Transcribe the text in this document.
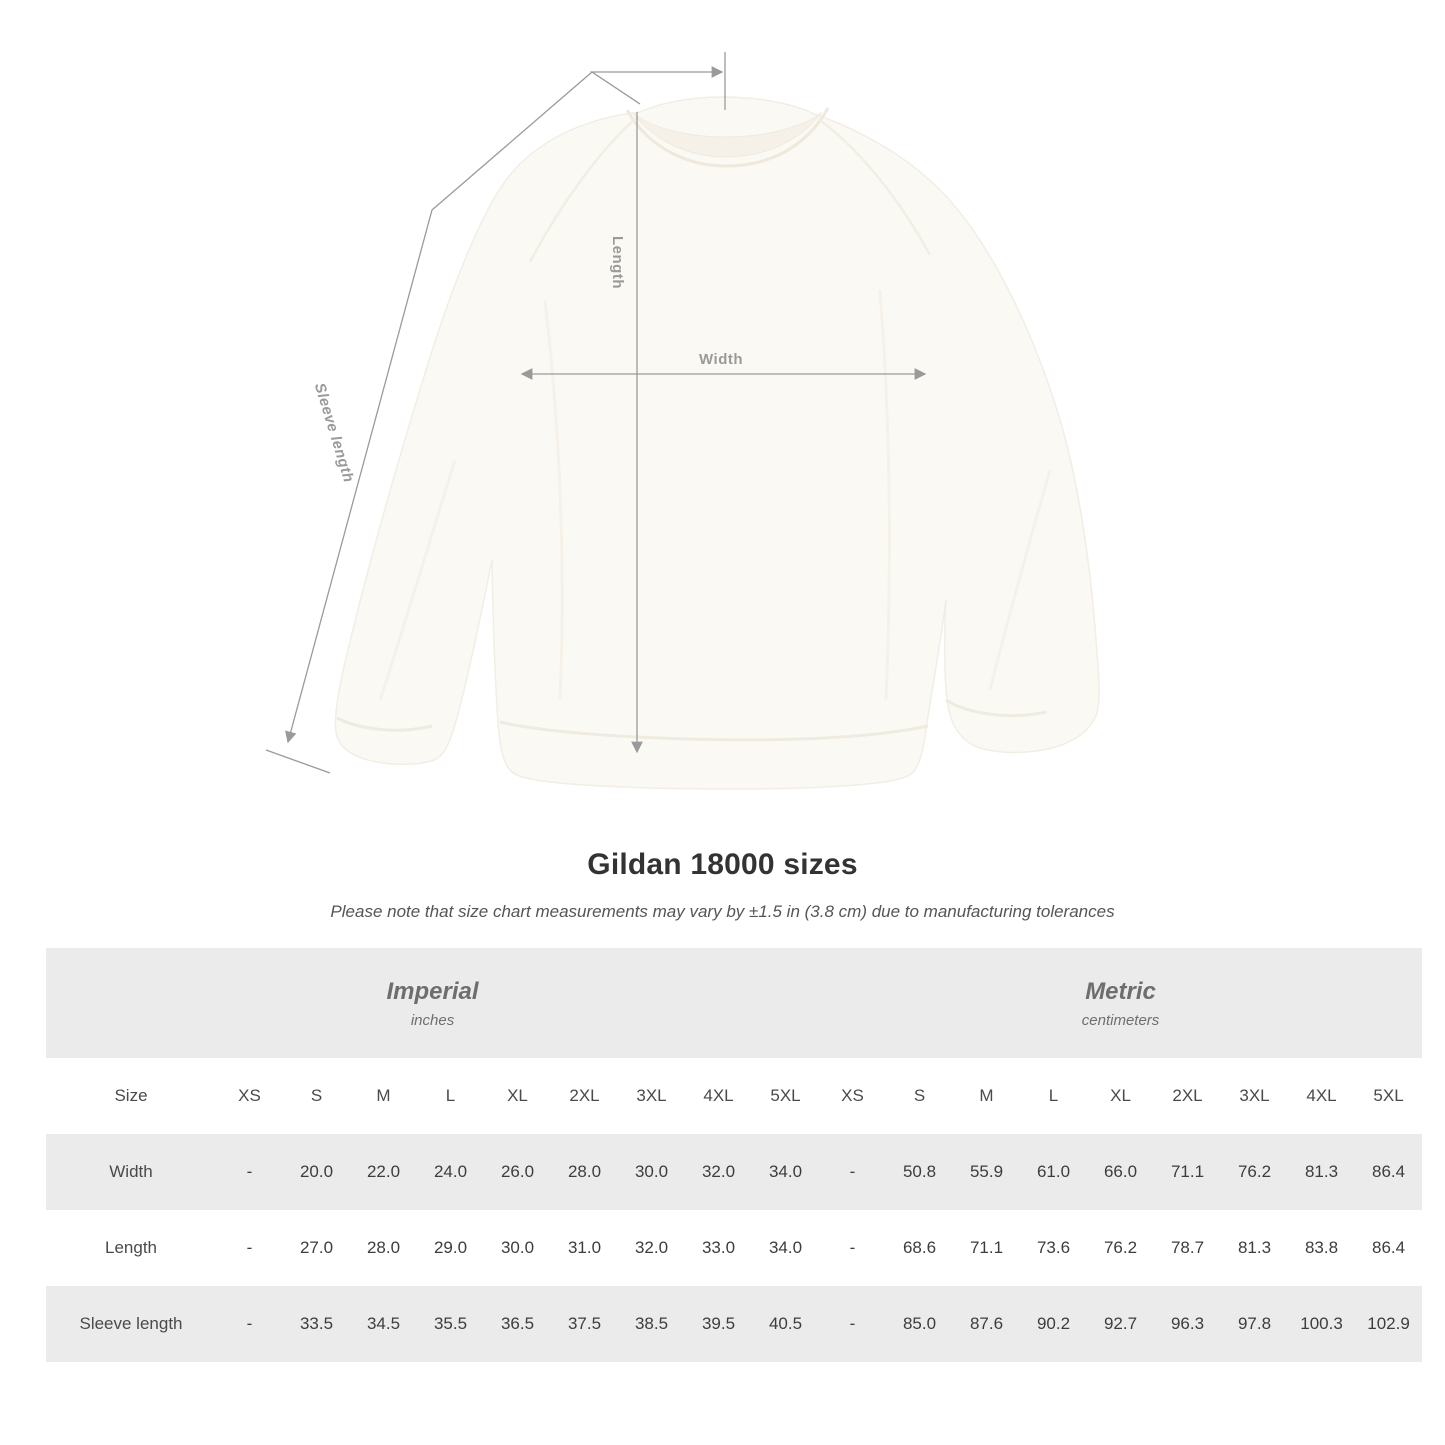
Width
Length
Sleeve length
Gildan 18000 sizes
Please note that size chart measurements may vary by ±1.5 in (3.8 cm) due to manufacturing tolerances
Imperial
inches

Metric
centimeters

Size	XS	S	M	L	XL	2XL	3XL	4XL	5XL	XS	S	M	L	XL	2XL	3XL	4XL	5XL
Width	-	20.0	22.0	24.0	26.0	28.0	30.0	32.0	34.0	-	50.8	55.9	61.0	66.0	71.1	76.2	81.3	86.4
Length	-	27.0	28.0	29.0	30.0	31.0	32.0	33.0	34.0	-	68.6	71.1	73.6	76.2	78.7	81.3	83.8	86.4
Sleeve length	-	33.5	34.5	35.5	36.5	37.5	38.5	39.5	40.5	-	85.0	87.6	90.2	92.7	96.3	97.8	100.3	102.9
